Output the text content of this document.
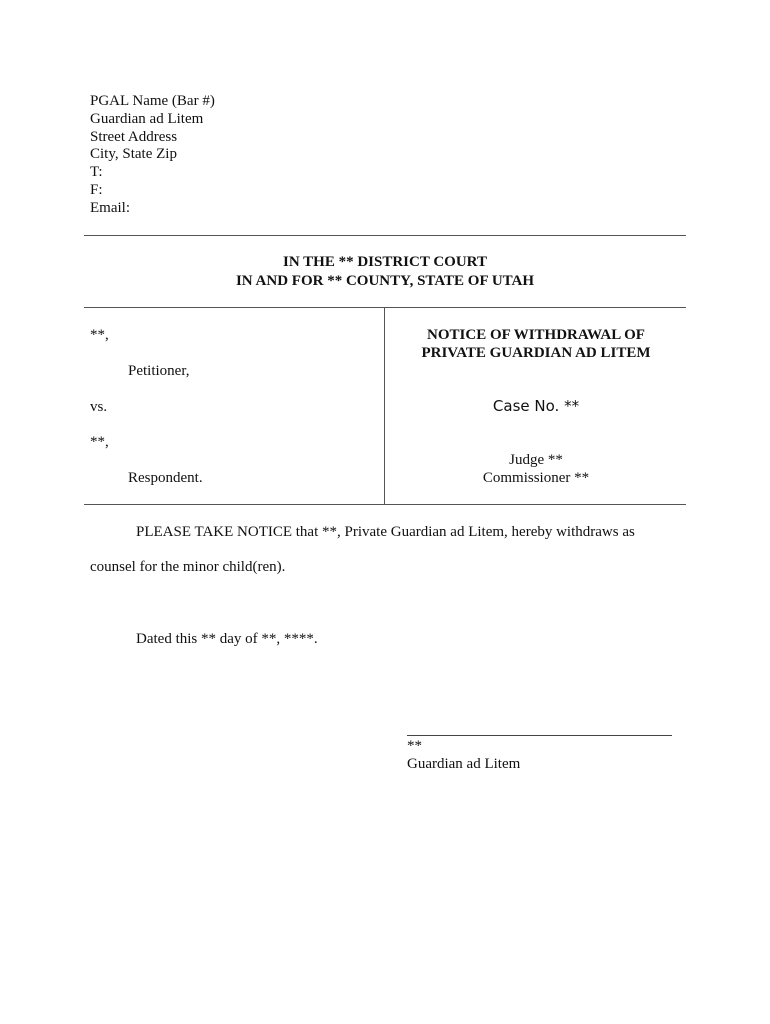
PGAL Name (Bar #)
Guardian ad Litem
Street Address
City, State Zip
T:
F:
Email:
IN THE ** DISTRICT COURT
IN AND FOR ** COUNTY, STATE OF UTAH
**,
Petitioner,
vs.
**,
Respondent.
NOTICE OF WITHDRAWAL OF
PRIVATE GUARDIAN AD LITEM
Case No. **
Judge **
Commissioner **
PLEASE TAKE NOTICE that **, Private Guardian ad Litem, hereby withdraws as
counsel for the minor child(ren).
Dated this ** day of **, ****.
**
Guardian ad Litem
